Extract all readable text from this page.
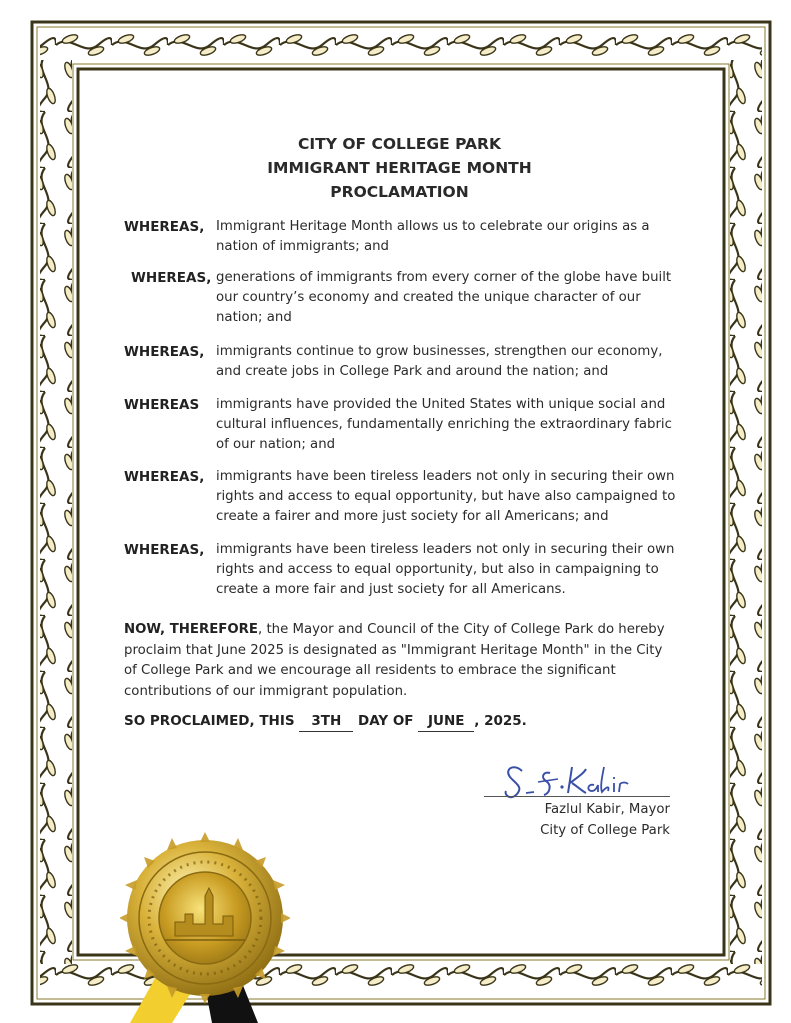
CITY OF COLLEGE PARK
IMMIGRANT HERITAGE MONTH
PROCLAMATION
WHEREAS, Immigrant Heritage Month allows us to celebrate our origins as a nation of immigrants; and
WHEREAS, generations of immigrants from every corner of the globe have built our country’s economy and created the unique character of our nation; and
WHEREAS, immigrants continue to grow businesses, strengthen our economy, and create jobs in College Park and around the nation; and
WHEREAS immigrants have provided the United States with unique social and cultural influences, fundamentally enriching the extraordinary fabric of our nation; and
WHEREAS, immigrants have been tireless leaders not only in securing their own rights and access to equal opportunity, but have also campaigned to create a fairer and more just society for all Americans; and
WHEREAS, immigrants have been tireless leaders not only in securing their own rights and access to equal opportunity, but also in campaigning to create a more fair and just society for all Americans.
NOW, THEREFORE, the Mayor and Council of the City of College Park do hereby proclaim that June 2025 is designated as "Immigrant Heritage Month" in the City of College Park and we encourage all residents to embrace the significant contributions of our immigrant population.
SO PROCLAIMED, THIS 3TH DAY OF JUNE , 2025.
Fazlul Kabir, Mayor
City of College Park
